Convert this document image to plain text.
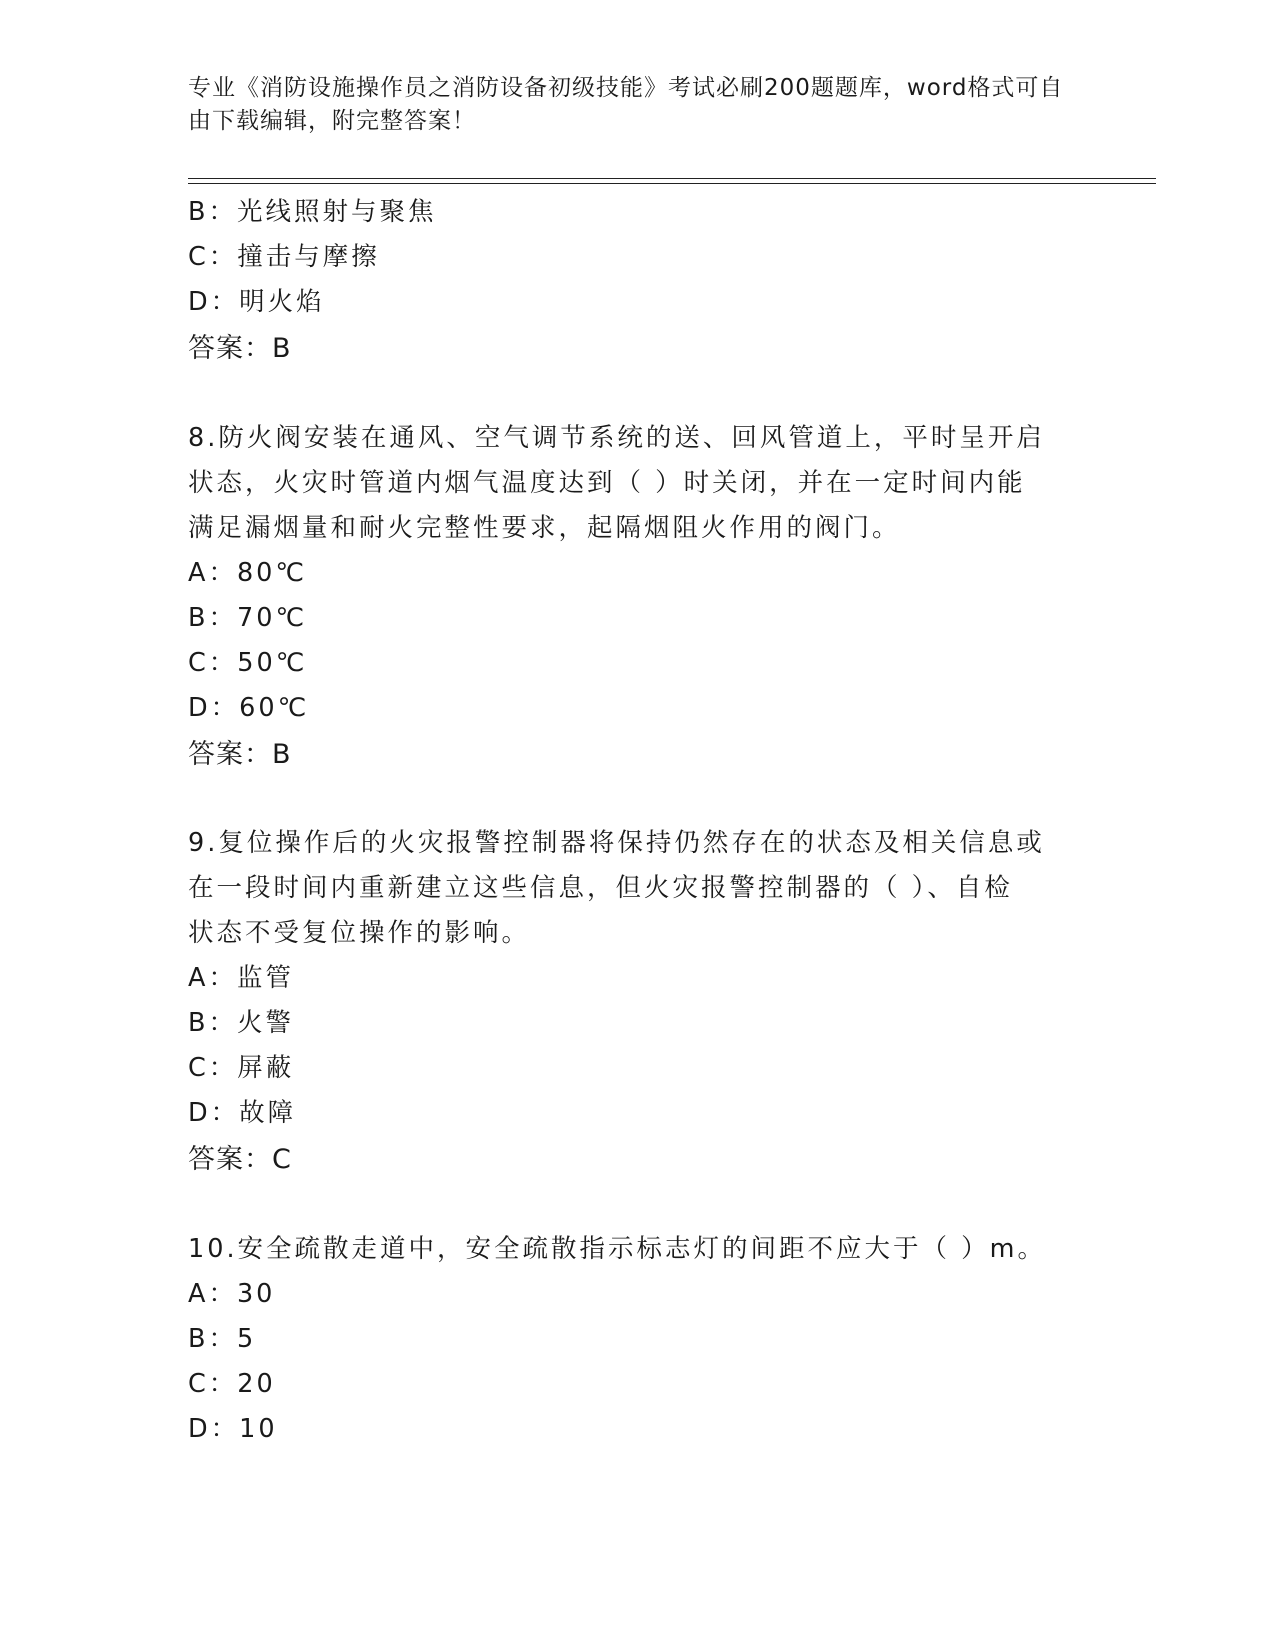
专业《消防设施操作员之消防设备初级技能》考试必刷200题题库，word格式可自由下载编辑，附完整答案！
B：光线照射与聚焦
C：撞击与摩擦
D：明火焰
答案：B
8.防火阀安装在通风、空气调节系统的送、回风管道上，平时呈开启
状态，火灾时管道内烟气温度达到（ ）时关闭，并在一定时间内能
满足漏烟量和耐火完整性要求，起隔烟阻火作用的阀门。
A：80℃
B：70℃
C：50℃
D：60℃
答案：B
9.复位操作后的火灾报警控制器将保持仍然存在的状态及相关信息或
在一段时间内重新建立这些信息，但火灾报警控制器的（ ）、自检
状态不受复位操作的影响。
A：监管
B：火警
C：屏蔽
D：故障
答案：C
10.安全疏散走道中，安全疏散指示标志灯的间距不应大于（ ）m。
A：30
B：5
C：20
D：10
